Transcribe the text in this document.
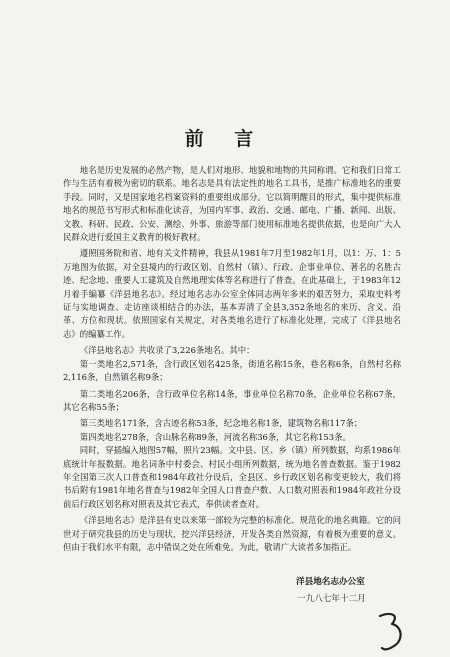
前 言

地名是历史发展的必然产物，是人们对地形、地貌和地物的共同称谓。它和我们日常工作与生活有着极为密切的联系。地名志是具有法定性的地名工具书，是推广标准地名的重要手段。同时，又是国家地名档案资料的重要组成部分。它以简明醒目的形式，集中提供标准地名的规范书写形式和标准化读音，为国内军事、政治、交通、邮电、广播、新闻、出版、文教、科研、民政、公安、测绘、外事、旅游等部门使用标准地名提供依据，也是向广大人民群众进行爱国主义教育的极好教材。

遵照国务院和省、地有关文件精神，我县从1981年7月至1982年1月，以1：万、1：5万地图为依据，对全县境内的行政区划、自然村（镇）、行政、企事业单位、著名的名胜古迹、纪念地、重要人工建筑及自然地理实体等名称进行了普查。在此基础上，于1983年12月着手编纂《洋县地名志》。经过地名志办公室全体同志两年多来的艰苦努力，采取史料考证与实地调查、走访座谈相结合的办法，基本弄清了全县3,352条地名的来历、含义、沿革、方位和现状。依照国家有关规定，对各类地名进行了标准化处理，完成了《洋县地名志》的编纂工作。

《洋县地名志》共收录了3,226条地名。其中：

第一类地名2,571条，含行政区划名425条，街道名称15条，巷名称6条，自然村名称2,116条，自然镇名称9条；

第二类地名206条，含行政单位名称14条，事业单位名称70条，企业单位名称67条，其它名称55条；

第三类地名171条，含古迹名称53条，纪念地名称1条，建筑物名称117条；

第四类地名278条，含山脉名称89条，河流名称36条，其它名称153条。

同时，穿插编入地图57幅，照片23幅。文中县、区、乡（镇）所列数据，均系1986年底统计年报数据。地名词条中村委会、村民小组所列数据，统为地名普查数据。鉴于1982年全国第三次人口普查和1984年政社分设后，全县区、乡行政区划名称变更较大，我们将书后附有1981年地名普查与1982年全国人口普查户数、人口数对照表和1984年政社分设前后行政区划名称对照表及其它表式，奉供读者查对。

《洋县地名志》是洋县有史以来第一部较为完整的标准化、规范化的地名典籍。它的问世对于研究我县的历史与现状，挖兴洋县经济，开发各类自然资源，有着极为重要的意义。但由于我们水平有限，志中错误之处在所难免。为此，敬请广大读者多加指正。

洋县地名志办公室
一九八七年十二月
